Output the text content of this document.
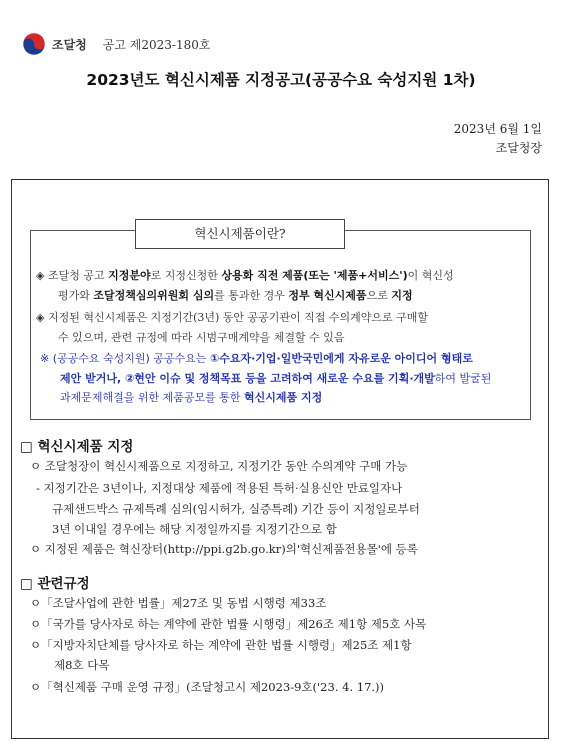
조달청 공고 제2023-180호
2023년도 혁신시제품 지정공고(공공수요 숙성지원 1차)
2023년 6월 1일
조달청장
혁신시제품이란?
◈ 조달청 공고 지정분야로 지정신청한 상용화 직전 제품(또는 '제품+서비스')이 혁신성
평가와 조달정책심의위원회 심의를 통과한 경우 정부 혁신시제품으로 지정
◈ 지정된 혁신시제품은 지정기간(3년) 동안 공공기관이 직접 수의계약으로 구매할
수 있으며, 관련 규정에 따라 시범구매계약을 체결할 수 있음
※ (공공수요 숙성지원) 공공수요는 ①수요자·기업·일반국민에게 자유로운 아이디어 형태로
제안 받거나, ②현안 이슈 및 정책목표 등을 고려하여 새로운 수요를 기획·개발하여 발굴된
과제문제해결을 위한 제품공모를 통한 혁신시제품 지정
□ 혁신시제품 지정
ㅇ 조달청장이 혁신시제품으로 지정하고, 지정기간 동안 수의계약 구매 가능
- 지정기간은 3년이나, 지정대상 제품에 적용된 특허·실용신안 만료일자나
규제샌드박스 규제특례 심의(임시허가, 실증특례) 기간 등이 지정일로부터
3년 이내일 경우에는 해당 지정일까지를 지정기간으로 함
ㅇ 지정된 제품은 혁신장터(http://ppi.g2b.go.kr)의'혁신제품전용몰'에 등록
□ 관련규정
ㅇ「조달사업에 관한 법률」제27조 및 동법 시행령 제33조
ㅇ「국가를 당사자로 하는 계약에 관한 법률 시행령」제26조 제1항 제5호 사목
ㅇ「지방자치단체를 당사자로 하는 계약에 관한 법률 시행령」제25조 제1항
제8호 다목
ㅇ「혁신제품 구매 운영 규정」(조달청고시 제2023-9호('23. 4. 17.))
